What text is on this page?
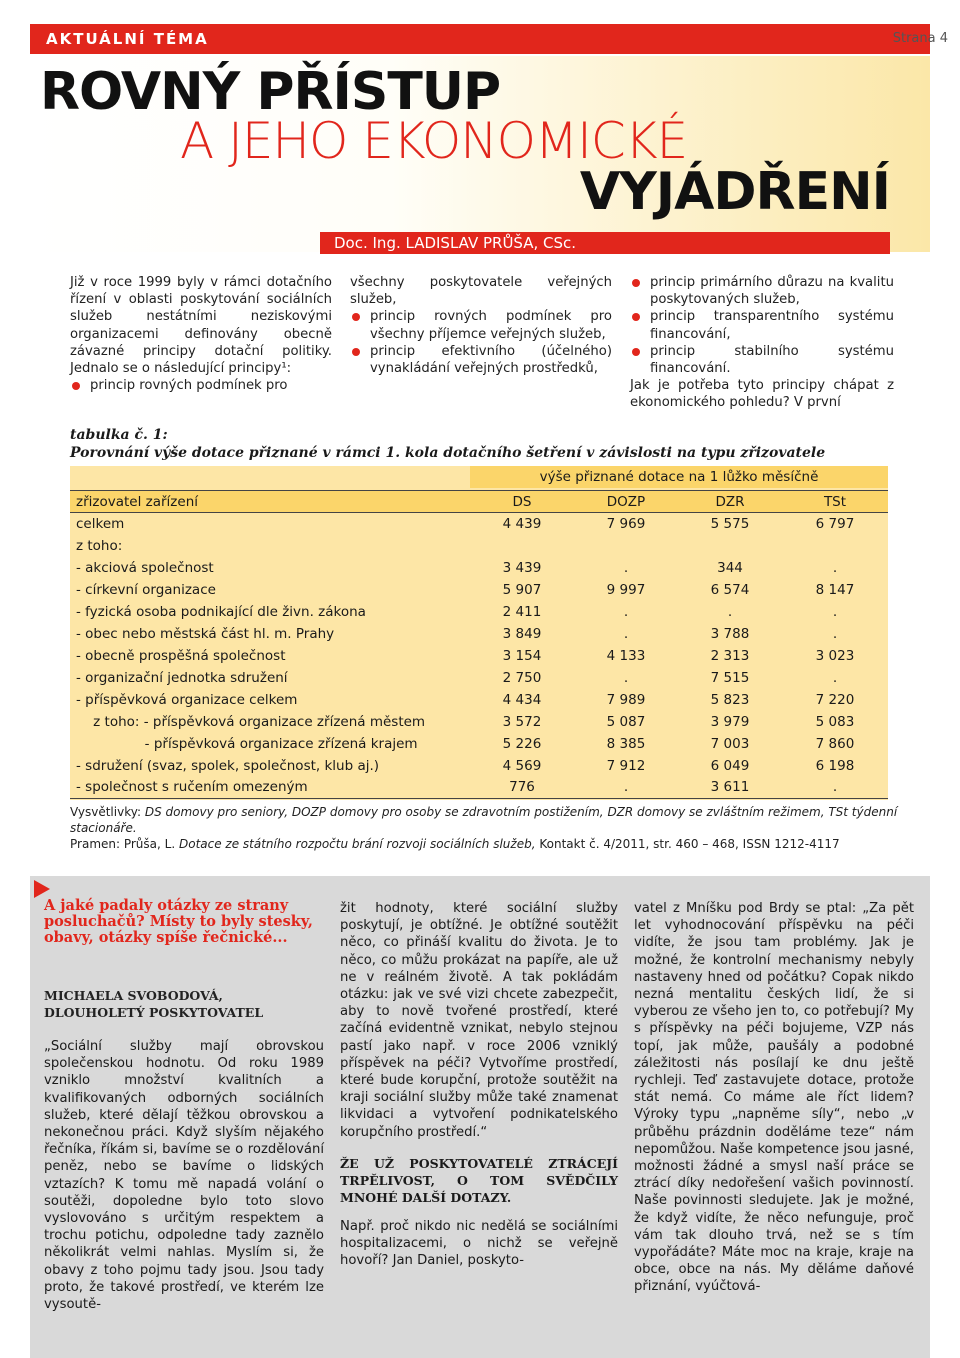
AKTUÁLNÍ TÉMA	Strana 4
ROVNÝ PŘÍSTUP
A JEHO EKONOMICKÉ
VYJÁDŘENÍ
Doc. Ing. LADISLAV PRŮŠA, CSc.

Již v roce 1999 byly v rámci dotačního řízení v oblasti poskytování sociálních služeb nestátními neziskovými organizacemi definovány obecně závazné principy dotační politiky. Jednalo se o následující principy¹:

princip rovných podmínek pro

všechny poskytovatele veřejných služeb,

princip rovných podmínek pro všechny příjemce veřejných služeb,
princip efektivního (účelného) vynakládání veřejných prostředků,
princip primárního důrazu na kvalitu poskytovaných služeb,
princip transparentního systému financování,
princip stabilního systému financování.

Jak je potřeba tyto principy chápat z ekonomického pohledu? V první

tabulka č. 1:
Porovnání výše dotace přiznané v rámci 1. kola dotačního šetření v závislosti na typu zřizovatele
výše přiznané dotace na 1 lůžko měsíčně
zřizovatel zařízení	DS	DOZP	DZR	TSt
celkem	4 439	7 969	5 575	6 797
z toho:				
- akciová společnost	3 439	.	344	.
- církevní organizace	5 907	9 997	6 574	8 147
- fyzická osoba podnikající dle živn. zákona	2 411	.	.	.
- obec nebo městská část hl. m. Prahy	3 849	.	3 788	.
- obecně prospěšná společnost	3 154	4 133	2 313	3 023
- organizační jednotka sdružení	2 750	.	7 515	.
- příspěvková organizace celkem	4 434	7 989	5 823	7 220
z toho: - příspěvková organizace zřízená městem	3 572	5 087	3 979	5 083
- příspěvková organizace zřízená krajem	5 226	8 385	7 003	7 860
- sdružení (svaz, spolek, společnost, klub aj.)	4 569	7 912	6 049	6 198
- společnost s ručením omezeným	776	.	3 611	.
Vysvětlivky: DS domovy pro seniory, DOZP domovy pro osoby se zdravotním postižením, DZR domovy se zvláštním režimem, TSt týdenní stacionáře.
Pramen: Průša, L. Dotace ze státního rozpočtu brání rozvoji sociálních služeb, Kontakt č. 4/2011, str. 460 – 468, ISSN 1212-4117
A jaké padaly otázky ze strany posluchačů? Místy to byly stesky, obavy, otázky spíše řečnické...
MICHAELA SVOBODOVÁ, DLOUHOLETÝ POSKYTOVATEL
„Sociální služby mají obrovskou společenskou hodnotu. Od roku 1989 vzniklo množství kvalitních a kvalifikovaných odborných sociálních služeb, které dělají těžkou obrovskou a nekonečnou práci. Když slyším nějakého řečníka, říkám si, bavíme se o rozdělování peněz, nebo se bavíme o lidských vztazích? K tomu mě napadá volání o soutěži, dopoledne bylo toto slovo vyslovováno s určitým respektem a trochu potichu, odpoledne tady zaznělo několikrát velmi nahlas. Myslím si, že obavy z toho pojmu tady jsou. Jsou tady proto, že takové prostředí, ve kterém lze vysoutě-

žit hodnoty, které sociální služby poskytují, je obtížné. Je obtížné soutěžit něco, co přináší kvalitu do života. Je to něco, co můžu prokázat na papíře, ale už ne v reálném životě. A tak pokládám otázku: jak ve své vizi chcete zabezpečit, aby to nově tvořené prostředí, které začíná evidentně vznikat, nebylo stejnou pastí jako např. v roce 2006 vzniklý příspěvek na péči? Vytvoříme prostředí, které bude korupční, protože soutěžit na kraji sociální služby může také znamenat likvidaci a vytvoření podnikatelského korupčního prostředí.“

ŽE UŽ POSKYTOVATELÉ ZTRÁCEJÍ TRPĚLIVOST, O TOM SVĚDČILY MNOHÉ DALŠÍ DOTAZY.

Např. proč nikdo nic nedělá se sociálními hospitalizacemi, o nichž se veřejně hovoří? Jan Daniel, poskyto-

vatel z Mníšku pod Brdy se ptal: „Za pět let vyhodnocování příspěvku na péči vidíte, že jsou tam problémy. Jak je možné, že kontrolní mechanismy nebyly nastaveny hned od počátku? Copak nikdo nezná mentalitu českých lidí, že si vyberou ze všeho jen to, co potřebují? My s příspěvky na péči bojujeme, VZP nás topí, jak může, paušály a podobné záležitosti nás posílají ke dnu ještě rychleji. Teď zastavujete dotace, protože stát nemá. Co máme ale říct lidem? Výroky typu „napněme síly“, nebo „v průběhu prázdnin doděláme teze“ nám nepomůžou. Naše kompetence jsou jasné, možnosti žádné a smysl naší práce se ztrácí díky nedořešení vašich povinností. Naše povinnosti sledujete. Jak je možné, že když vidíte, že něco nefunguje, proč vám tak dlouho trvá, než se s tím vypořádáte? Máte moc na kraje, kraje na obce, obce na nás. My děláme daňové přiznání, vyúčtová-
